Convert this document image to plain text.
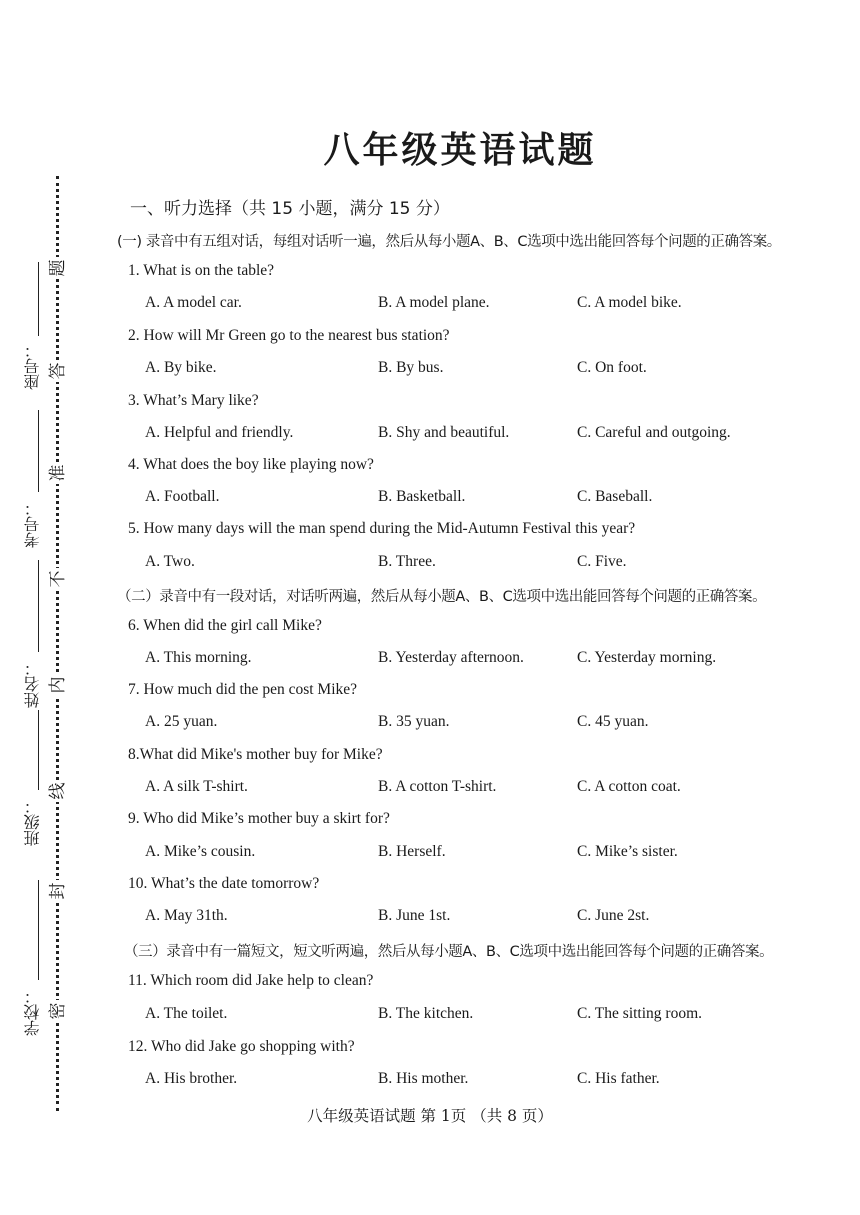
密
封
线
内
不
准
答
题
学校：
班级：
姓名：
考号：
座号：
八年级英语试题
一、听力选择（共 15 小题，满分 15 分）
(一) 录音中有五组对话，每组对话听一遍，然后从每小题A、B、C选项中选出能回答每个问题的正确答案。
1. What is on the table?
A. A model car.	B. A model plane.	C. A model bike.
2. How will Mr Green go to the nearest bus station?
A. By bike.	B. By bus.	C. On foot.
3. What’s Mary like?
A. Helpful and friendly.	B. Shy and beautiful.	C. Careful and outgoing.
4. What does the boy like playing now?
A. Football.	B. Basketball.	C. Baseball.
5. How many days will the man spend during the Mid-Autumn Festival this year?
A. Two.	B. Three.	C. Five.
（二）录音中有一段对话，对话听两遍，然后从每小题A、B、C选项中选出能回答每个问题的正确答案。
6. When did the girl call Mike?
A. This morning.	B. Yesterday afternoon.	C. Yesterday morning.
7. How much did the pen cost Mike?
A. 25 yuan.	B. 35 yuan.	C. 45 yuan.
8.What did Mike's mother buy for Mike?
A. A silk T-shirt.	B. A cotton T-shirt.	C. A cotton coat.
9. Who did Mike’s mother buy a skirt for?
A. Mike’s cousin.	B. Herself.	C. Mike’s sister.
10. What’s the date tomorrow?
A. May 31th.	B. June 1st.	C. June 2st.
（三）录音中有一篇短文，短文听两遍，然后从每小题A、B、C选项中选出能回答每个问题的正确答案。
11. Which room did Jake help to clean?
A. The toilet.	B. The kitchen.	C. The sitting room.
12. Who did Jake go shopping with?
A. His brother.	B. His mother.	C. His father.
八年级英语试题 第 1页 （共 8 页）
